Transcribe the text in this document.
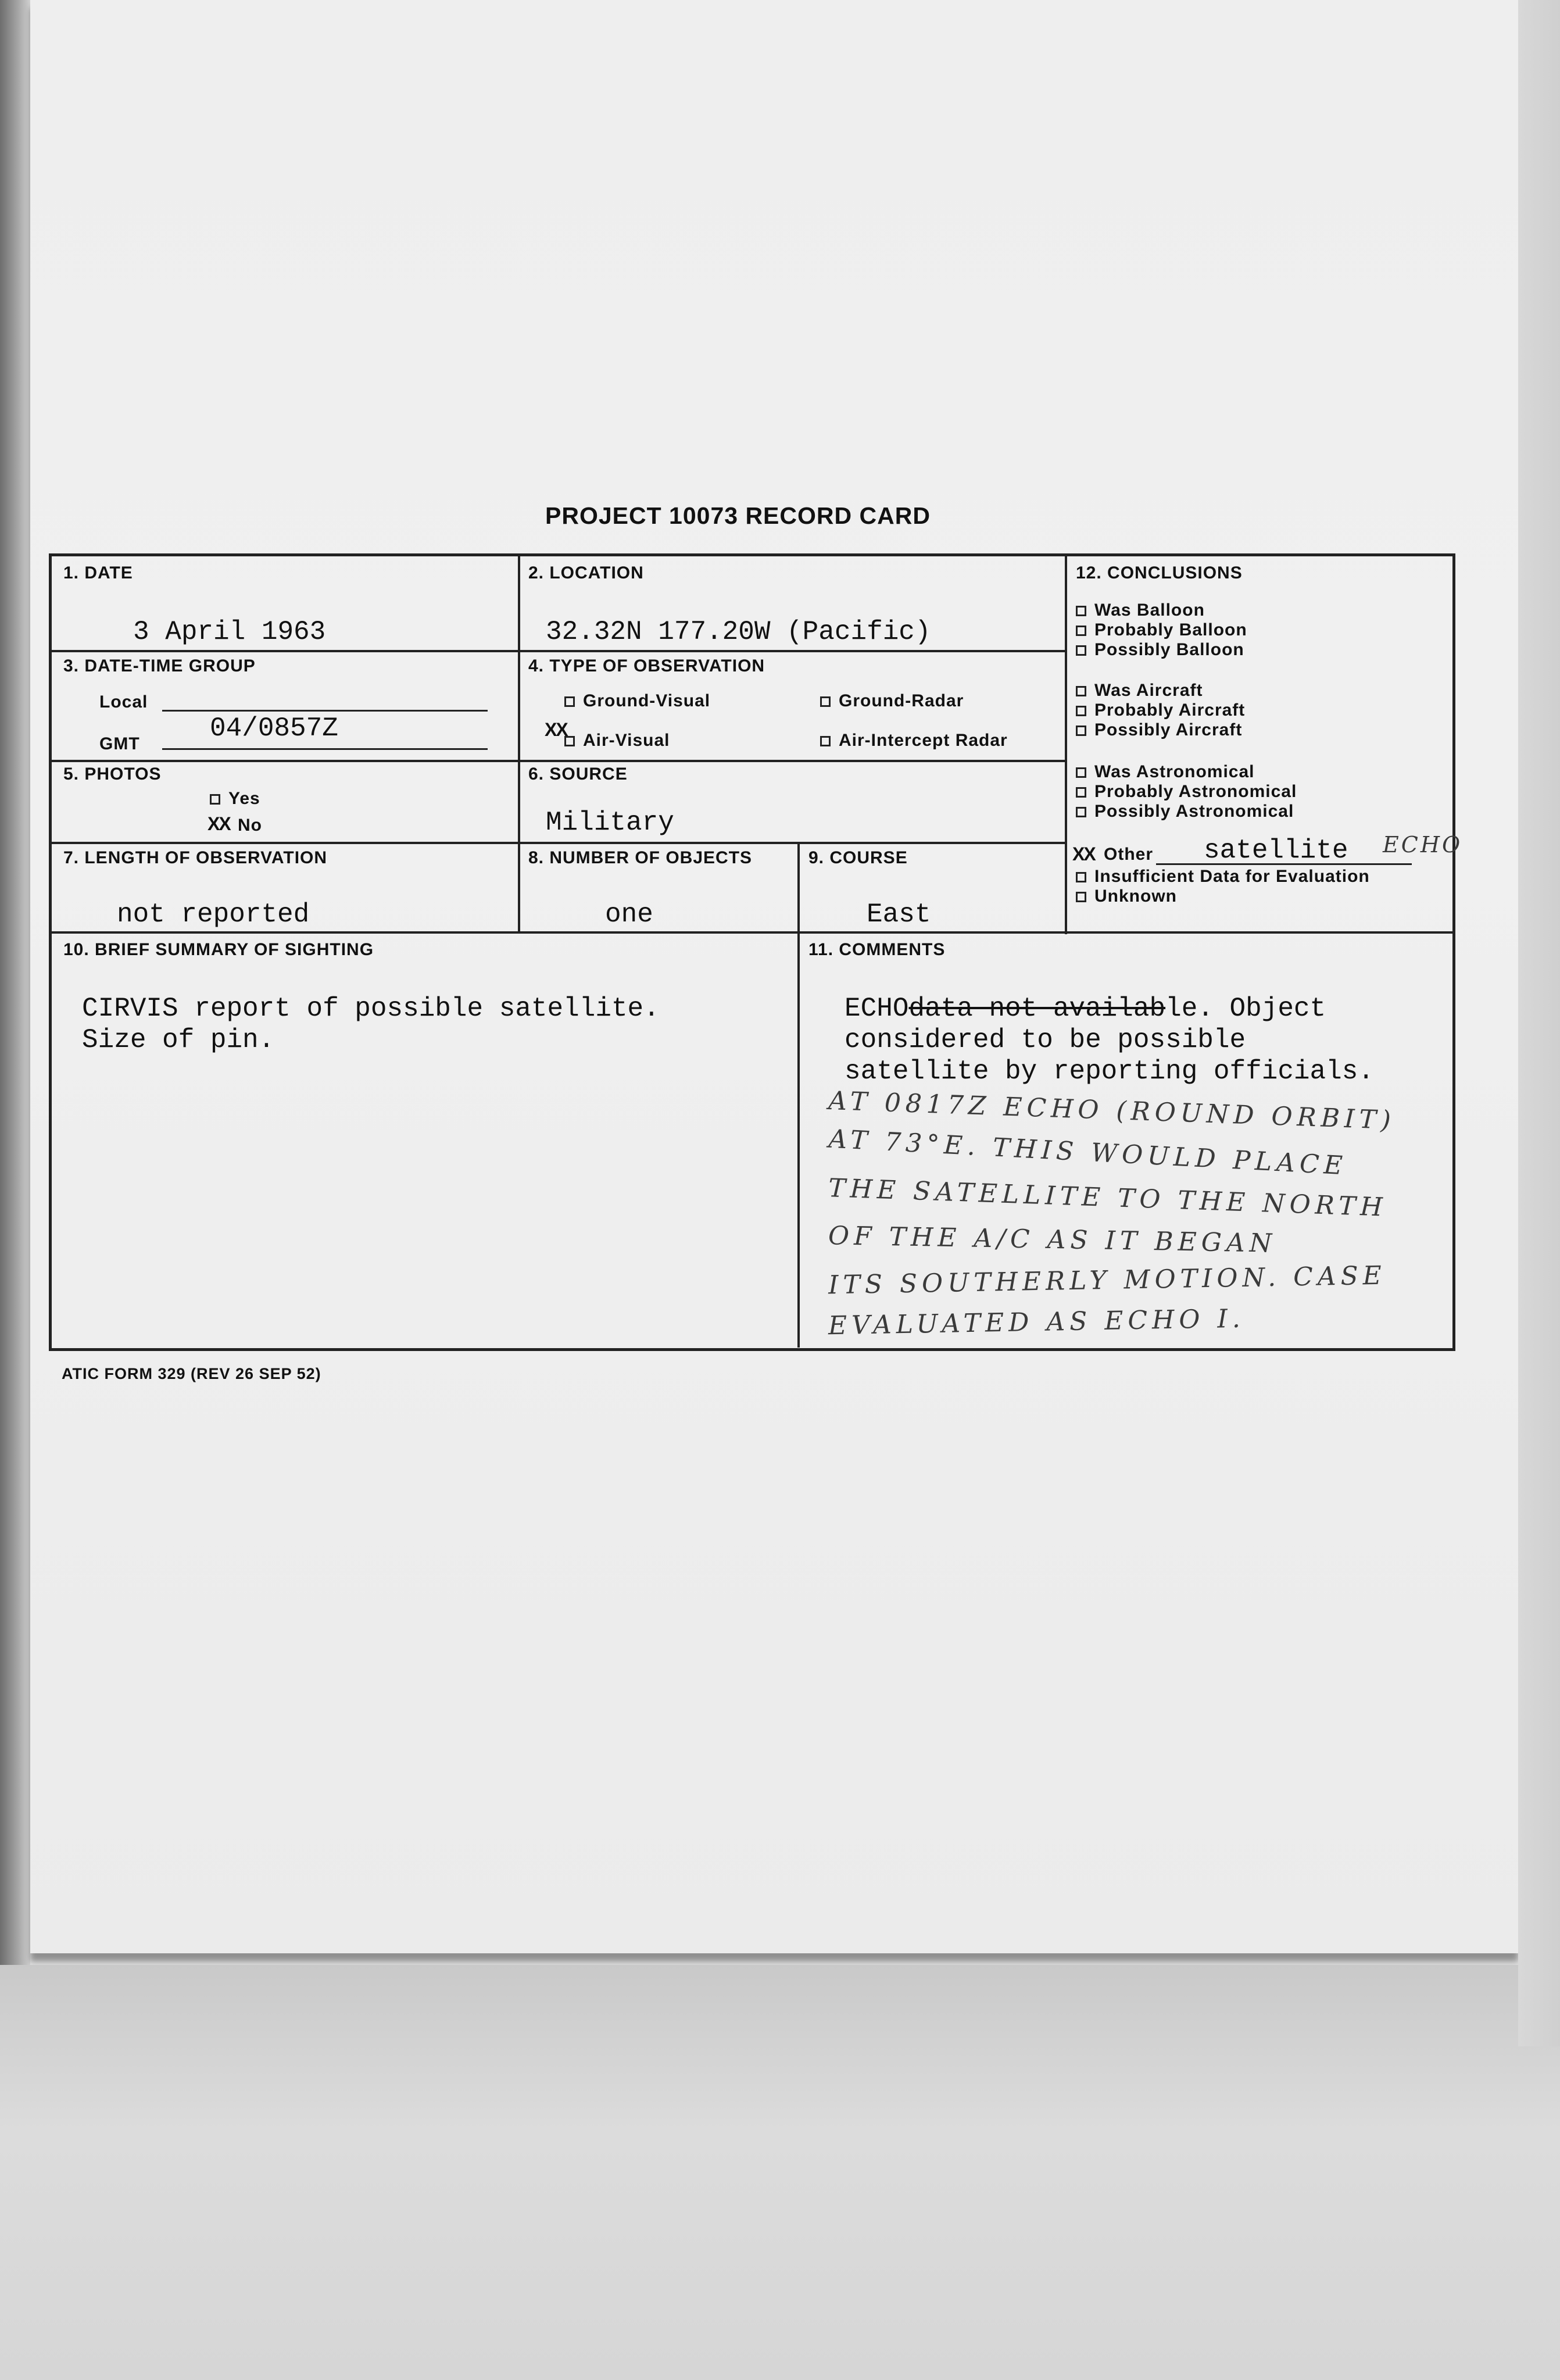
PROJECT 10073 RECORD CARD
1. DATE
3 April 1963
2. LOCATION
32.32N 177.20W (Pacific)
3. DATE-TIME GROUP
Local
GMT
04/0857Z
4. TYPE OF OBSERVATION
Ground-Visual	Ground-Radar
XX
Air-Visual	Air-Intercept Radar
5. PHOTOS
Yes
XX No
6. SOURCE
Military
7. LENGTH OF OBSERVATION
not reported
8. NUMBER OF OBJECTS
one
9. COURSE
East
10. BRIEF SUMMARY OF SIGHTING
CIRVIS report of possible satellite.
Size of pin.
11. COMMENTS
ECHOdata not available. Object
considered to be possible
satellite by reporting officials.
AT 0817Z ECHO (ROUND ORBIT)
AT 73°E. THIS WOULD PLACE
THE SATELLITE TO THE NORTH
OF THE A/C AS IT BEGAN
ITS SOUTHERLY MOTION. CASE
EVALUATED AS ECHO I.
12. CONCLUSIONS
Was Balloon
Probably Balloon
Possibly Balloon
Was Aircraft
Probably Aircraft
Possibly Aircraft
Was Astronomical
Probably Astronomical
Possibly Astronomical
XX Other satellite ECHO
Insufficient Data for Evaluation
Unknown
ATIC FORM 329 (REV 26 SEP 52)
